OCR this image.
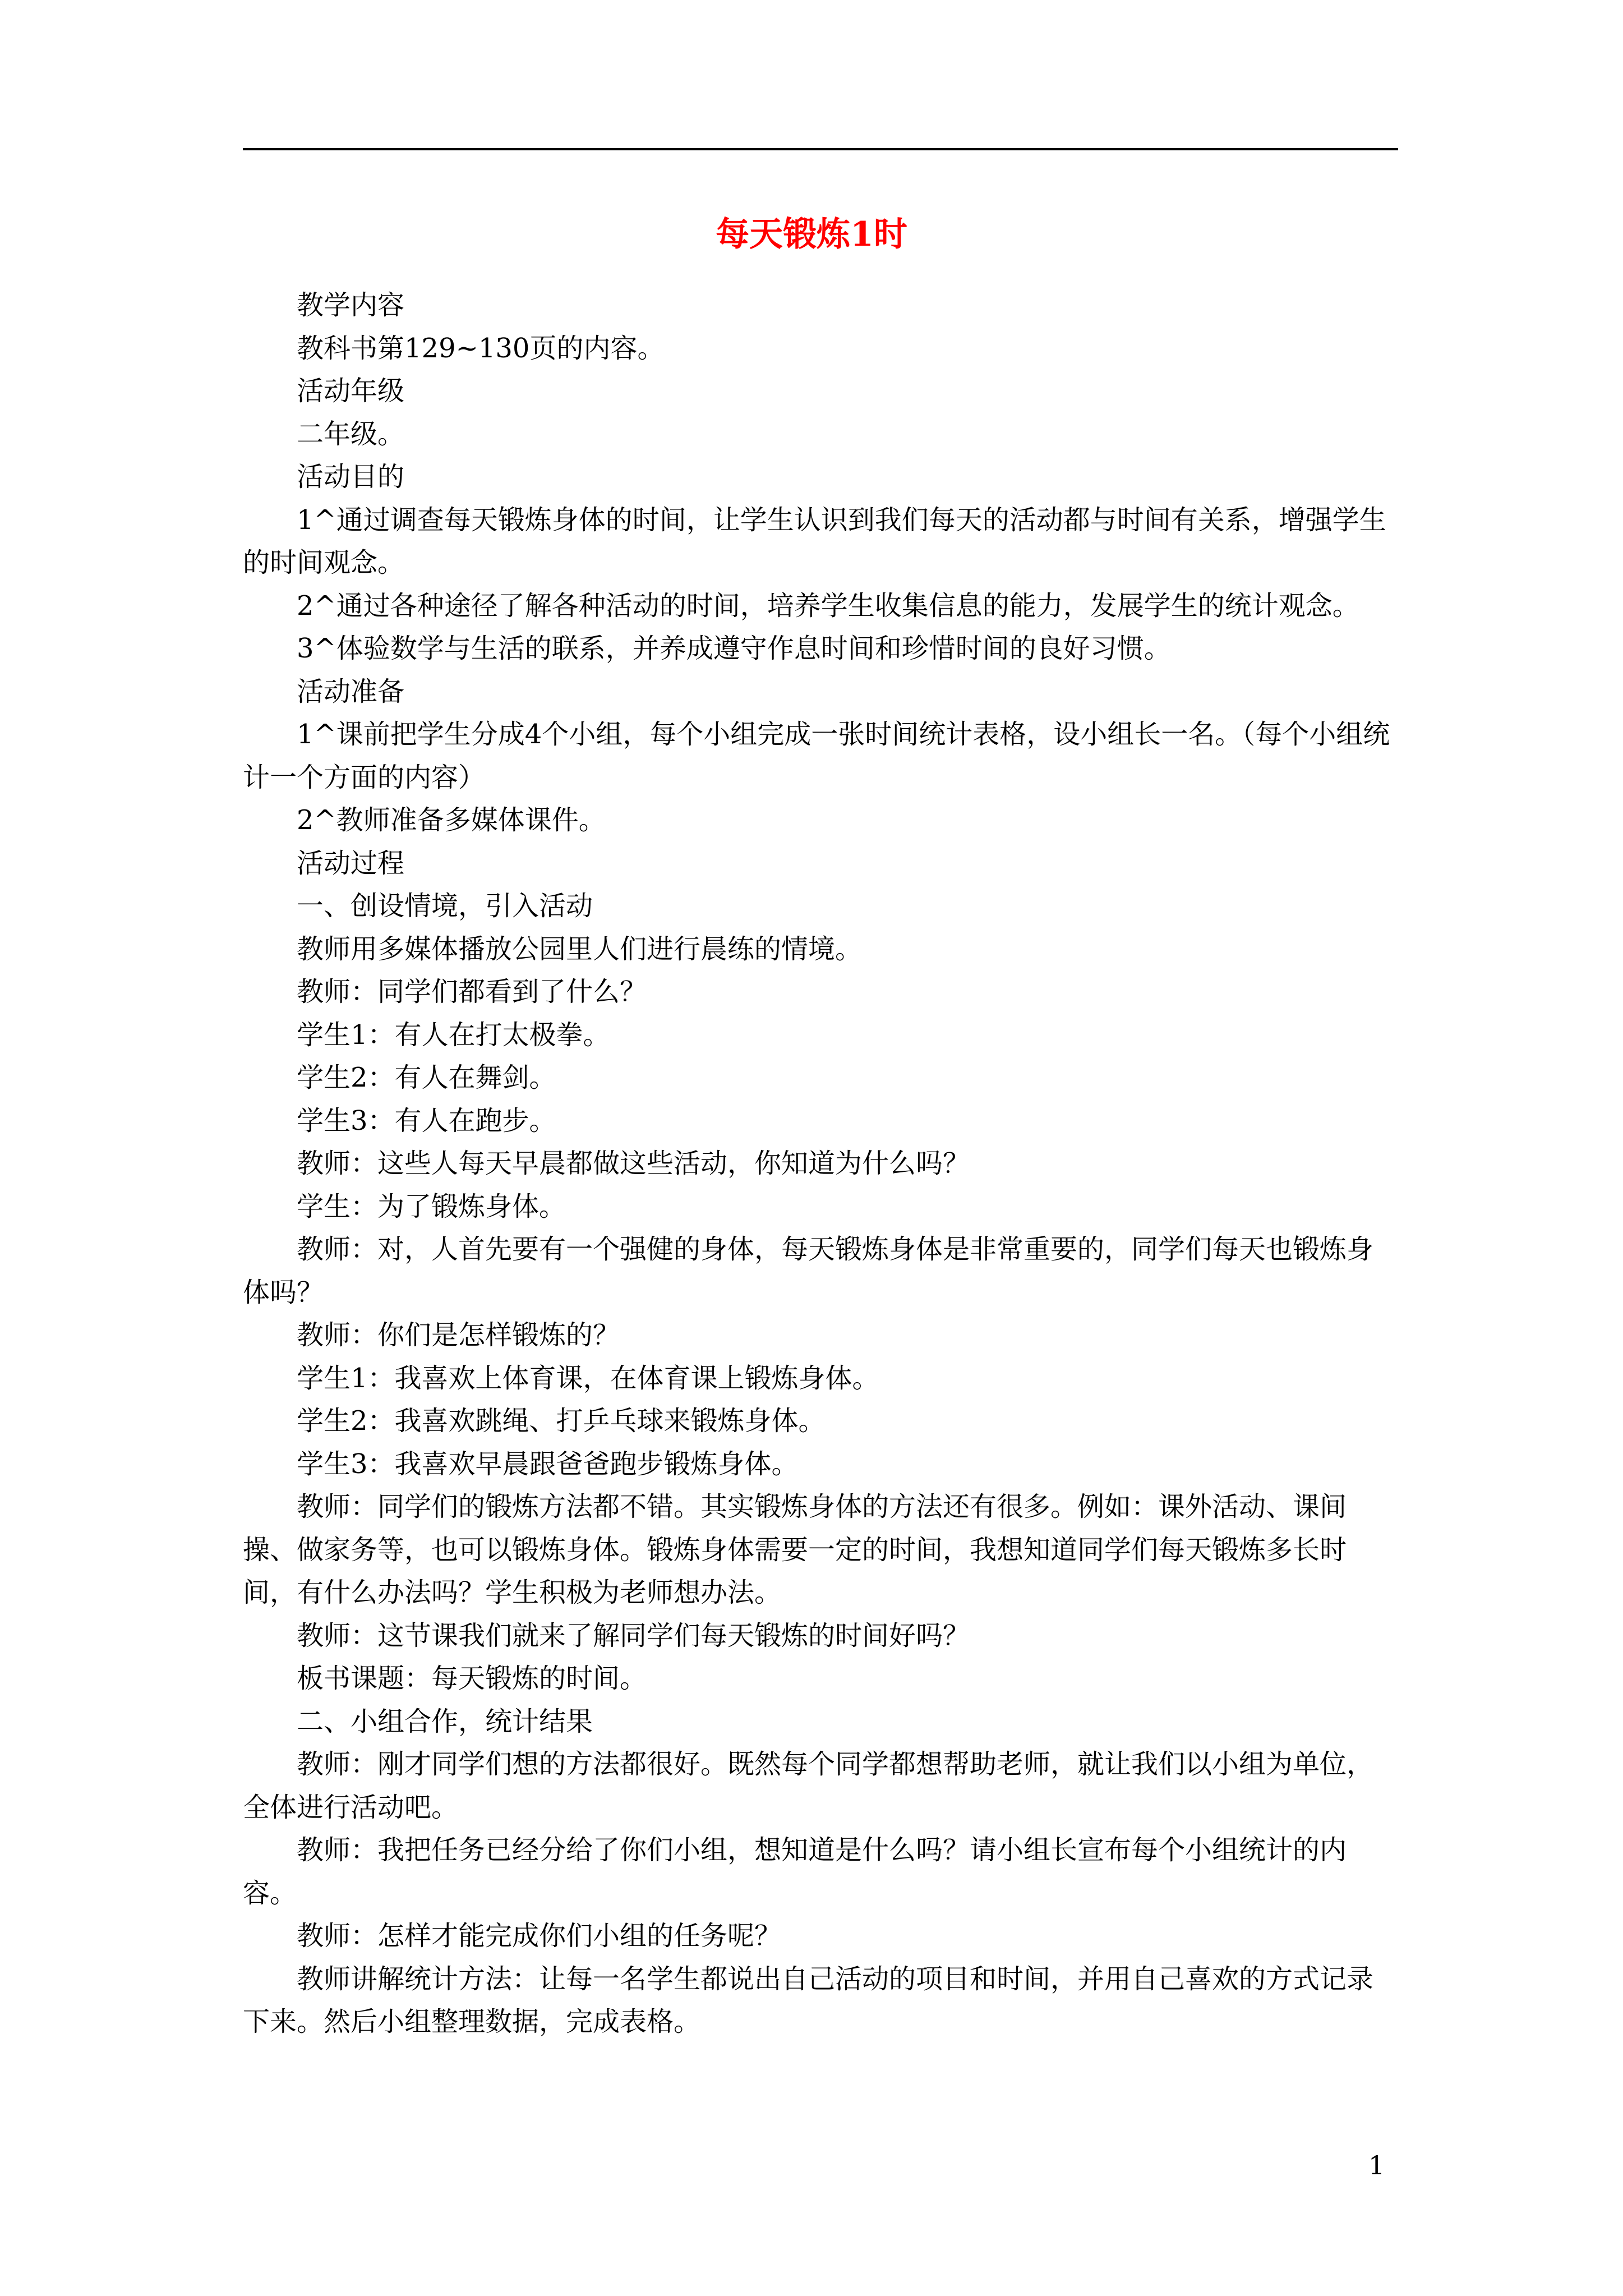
每天锻炼1时

教学内容

教科书第129~130页的内容。

活动年级

二年级。

活动目的

1^通过调查每天锻炼身体的时间，让学生认识到我们每天的活动都与时间有关系，增强学生的时间观念。

2^通过各种途径了解各种活动的时间，培养学生收集信息的能力，发展学生的统计观念。

3^体验数学与生活的联系，并养成遵守作息时间和珍惜时间的良好习惯。

活动准备

1^课前把学生分成4个小组，每个小组完成一张时间统计表格，设小组长一名。（每个小组统计一个方面的内容）

2^教师准备多媒体课件。

活动过程

一、创设情境，引入活动

教师用多媒体播放公园里人们进行晨练的情境。

教师：同学们都看到了什么？

学生1：有人在打太极拳。

学生2：有人在舞剑。

学生3：有人在跑步。

教师：这些人每天早晨都做这些活动，你知道为什么吗？

学生：为了锻炼身体。

教师：对，人首先要有一个强健的身体，每天锻炼身体是非常重要的，同学们每天也锻炼身体吗？

教师：你们是怎样锻炼的？

学生1：我喜欢上体育课，在体育课上锻炼身体。

学生2：我喜欢跳绳、打乒乓球来锻炼身体。

学生3：我喜欢早晨跟爸爸跑步锻炼身体。

教师：同学们的锻炼方法都不错。其实锻炼身体的方法还有很多。例如：课外活动、课间操、做家务等，也可以锻炼身体。锻炼身体需要一定的时间，我想知道同学们每天锻炼多长时间，有什么办法吗？学生积极为老师想办法。

教师：这节课我们就来了解同学们每天锻炼的时间好吗？

板书课题：每天锻炼的时间。

二、小组合作，统计结果

教师：刚才同学们想的方法都很好。既然每个同学都想帮助老师，就让我们以小组为单位，全体进行活动吧。

教师：我把任务已经分给了你们小组，想知道是什么吗？请小组长宣布每个小组统计的内容。

教师：怎样才能完成你们小组的任务呢？

教师讲解统计方法：让每一名学生都说出自己活动的项目和时间，并用自己喜欢的方式记录下来。然后小组整理数据，完成表格。

1
